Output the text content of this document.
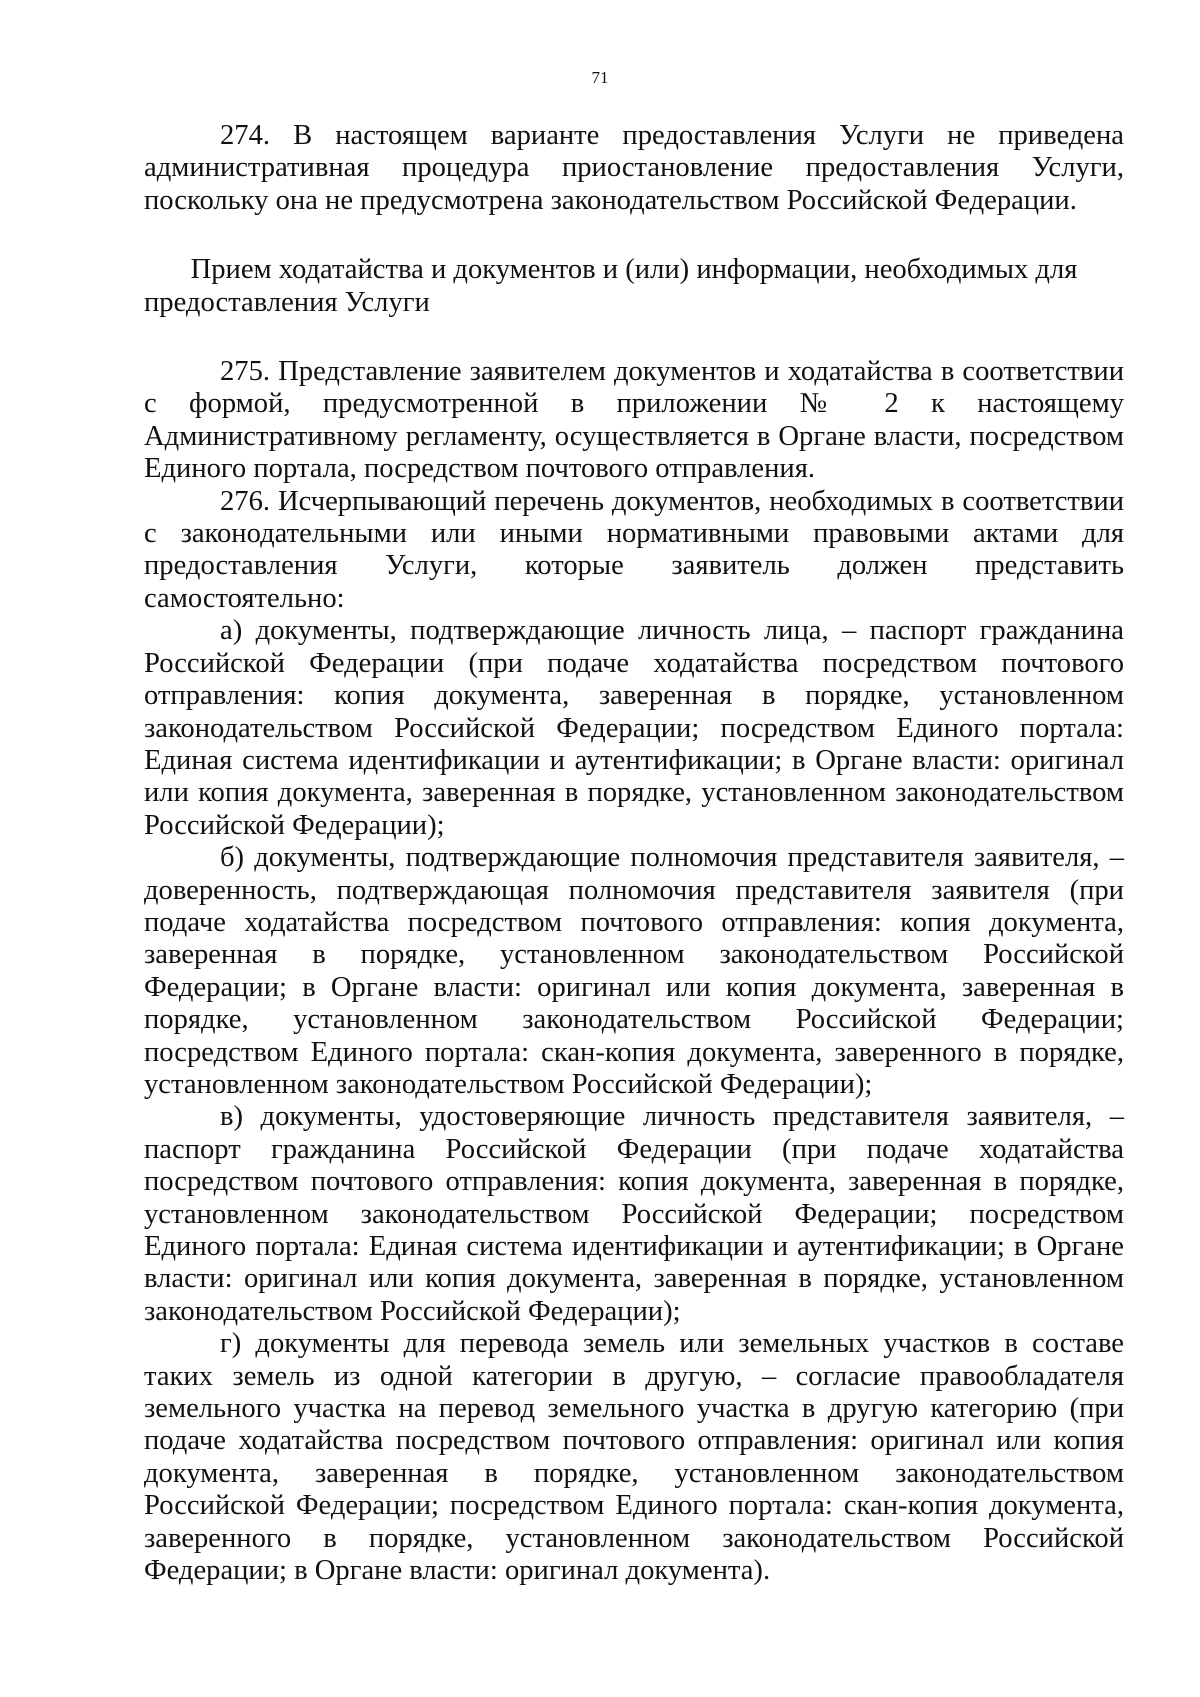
71

274. В настоящем варианте предоставления Услуги не приведена административная процедура приостановление предоставления Услуги, поскольку она не предусмотрена законодательством Российской Федерации.

Прием ходатайства и документов и (или) информации, необходимых для предоставления Услуги

275. Представление заявителем документов и ходатайства в соответствии с формой, предусмотренной в приложении № 2 к настоящему Административному регламенту, осуществляется в Органе власти, посредством Единого портала, посредством почтового отправления.

276. Исчерпывающий перечень документов, необходимых в соответствии с законодательными или иными нормативными правовыми актами для предоставления Услуги, которые заявитель должен представить самостоятельно:

а) документы, подтверждающие личность лица, – паспорт гражданина Российской Федерации (при подаче ходатайства посредством почтового отправления: копия документа, заверенная в порядке, установленном законодательством Российской Федерации; посредством Единого портала: Единая система идентификации и аутентификации; в Органе власти: оригинал или копия документа, заверенная в порядке, установленном законодательством Российской Федерации);

б) документы, подтверждающие полномочия представителя заявителя, – доверенность, подтверждающая полномочия представителя заявителя (при подаче ходатайства посредством почтового отправления: копия документа, заверенная в порядке, установленном законодательством Российской Федерации; в Органе власти: оригинал или копия документа, заверенная в порядке, установленном законодательством Российской Федерации; посредством Единого портала: скан-копия документа, заверенного в порядке, установленном законодательством Российской Федерации);

в) документы, удостоверяющие личность представителя заявителя, – паспорт гражданина Российской Федерации (при подаче ходатайства посредством почтового отправления: копия документа, заверенная в порядке, установленном законодательством Российской Федерации; посредством Единого портала: Единая система идентификации и аутентификации; в Органе власти: оригинал или копия документа, заверенная в порядке, установленном законодательством Российской Федерации);

г) документы для перевода земель или земельных участков в составе таких земель из одной категории в другую, – согласие правообладателя земельного участка на перевод земельного участка в другую категорию (при подаче ходатайства посредством почтового отправления: оригинал или копия документа, заверенная в порядке, установленном законодательством Российской Федерации; посредством Единого портала: скан-копия документа, заверенного в порядке, установленном законодательством Российской Федерации; в Органе власти: оригинал документа).
